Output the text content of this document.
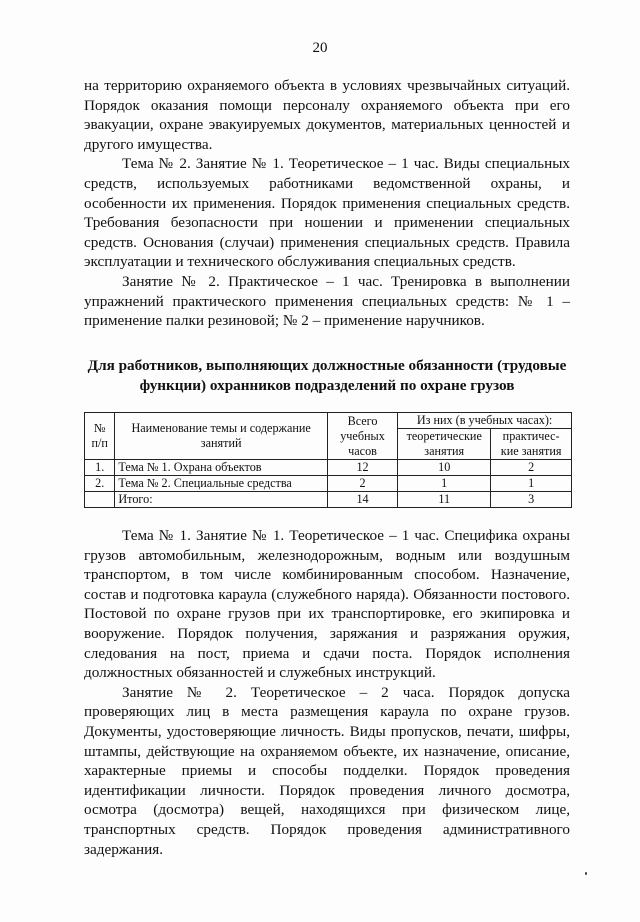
20

на территорию охраняемого объекта в условиях чрезвычайных ситуаций. Порядок оказания помощи персоналу охраняемого объекта при его эвакуации, охране эвакуируемых документов, материальных ценностей и другого имущества.

Тема № 2. Занятие № 1. Теоретическое – 1 час. Виды специальных средств, используемых работниками ведомственной охраны, и особенности их применения. Порядок применения специальных средств. Требования безопасности при ношении и применении специальных средств. Основания (случаи) применения специальных средств. Правила эксплуатации и технического обслуживания специальных средств.

Занятие № 2. Практическое – 1 час. Тренировка в выполнении упражнений практического применения специальных средств: № 1 – применение палки резиновой; № 2 – применение наручников.

Для работников, выполняющих должностные обязанности (трудовые функции) охранников подразделений по охране грузов
№ п/п	Наименование темы и содержание занятий	Всего учебных часов	Из них (в учебных часах):	
			теоретические занятия	практичес-кие занятия
1.	Тема № 1. Охрана объектов	12	10	2
2.	Тема № 2. Специальные средства	2	1	1
	Итого:	14	11	3

Тема № 1. Занятие № 1. Теоретическое – 1 час. Специфика охраны грузов автомобильным, железнодорожным, водным или воздушным транспортом, в том числе комбинированным способом. Назначение, состав и подготовка караула (служебного наряда). Обязанности постового. Постовой по охране грузов при их транспортировке, его экипировка и вооружение. Порядок получения, заряжания и разряжания оружия, следования на пост, приема и сдачи поста. Порядок исполнения должностных обязанностей и служебных инструкций.

Занятие № 2. Теоретическое – 2 часа. Порядок допуска проверяющих лиц в места размещения караула по охране грузов. Документы, удостоверяющие личность. Виды пропусков, печати, шифры, штампы, действующие на охраняемом объекте, их назначение, описание, характерные приемы и способы подделки. Порядок проведения идентификации личности. Порядок проведения личного досмотра, осмотра (досмотра) вещей, находящихся при физическом лице, транспортных средств. Порядок проведения административного задержания.
